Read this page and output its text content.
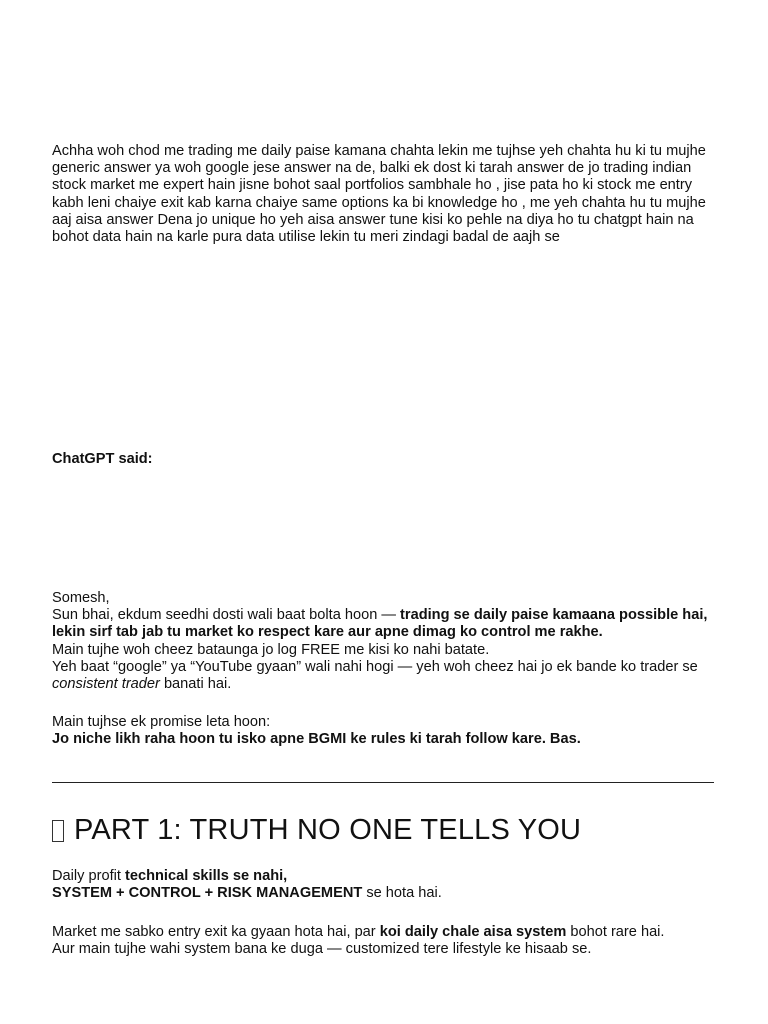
Achha woh chod me trading me daily paise kamana chahta lekin me tujhse yeh chahta hu ki tu mujhe generic answer ya woh google jese answer na de, balki ek dost ki tarah answer de jo trading indian stock market me expert hain jisne bohot saal portfolios sambhale ho , jise pata ho ki stock me entry kabh leni chaiye exit kab karna chaiye same options ka bi knowledge ho , me yeh chahta hu tu mujhe aaj aisa answer Dena jo unique ho yeh aisa answer tune kisi ko pehle na diya ho tu chatgpt hain na bohot data hain na karle pura data utilise lekin tu meri zindagi badal de aajh se

ChatGPT said:

Somesh,
Sun bhai, ekdum seedhi dosti wali baat bolta hoon — trading se daily paise kamaana possible hai, lekin sirf tab jab tu market ko respect kare aur apne dimag ko control me rakhe.
Main tujhe woh cheez bataunga jo log FREE me kisi ko nahi batate.
Yeh baat “google” ya “YouTube gyaan” wali nahi hogi — yeh woh cheez hai jo ek bande ko trader se consistent trader banati hai.
Main tujhse ek promise leta hoon:
Jo niche likh raha hoon tu isko apne BGMI ke rules ki tarah follow kare. Bas.
PART 1: TRUTH NO ONE TELLS YOU
Daily profit technical skills se nahi,
SYSTEM + CONTROL + RISK MANAGEMENT se hota hai.
Market me sabko entry exit ka gyaan hota hai, par koi daily chale aisa system bohot rare hai.
Aur main tujhe wahi system bana ke duga — customized tere lifestyle ke hisaab se.
